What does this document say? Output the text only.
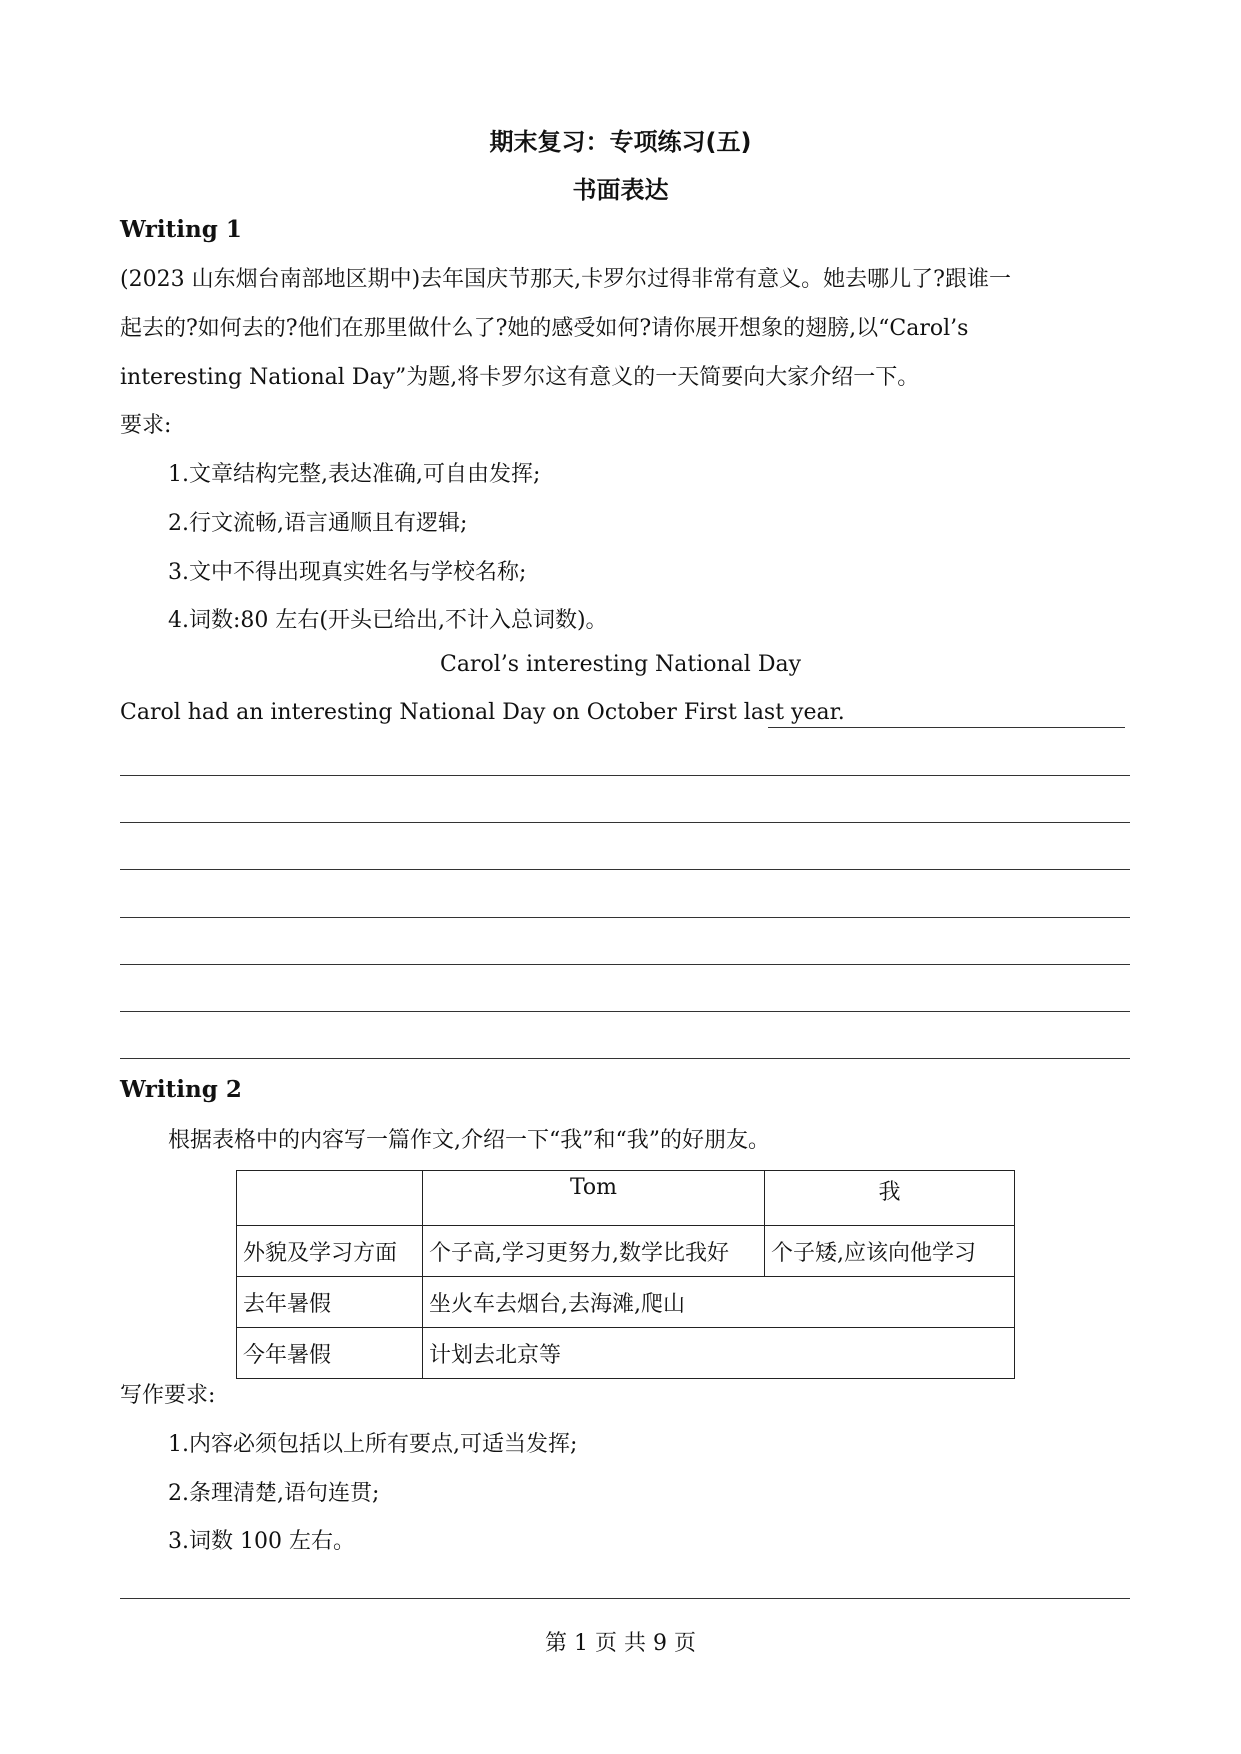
期末复习：专项练习(五)
书面表达
Writing 1
(2023 山东烟台南部地区期中)去年国庆节那天,卡罗尔过得非常有意义。她去哪儿了?跟谁一
起去的?如何去的?他们在那里做什么了?她的感受如何?请你展开想象的翅膀,以“Carol’s
interesting National Day”为题,将卡罗尔这有意义的一天简要向大家介绍一下。
要求:
1.文章结构完整,表达准确,可自由发挥;
2.行文流畅,语言通顺且有逻辑;
3.文中不得出现真实姓名与学校名称;
4.词数:80 左右(开头已给出,不计入总词数)。
Carol’s interesting National Day
Carol had an interesting National Day on October First last year.
Writing 2
根据表格中的内容写一篇作文,介绍一下“我”和“我”的好朋友。
	Tom	我
外貌及学习方面	个子高,学习更努力,数学比我好	个子矮,应该向他学习
去年暑假	坐火车去烟台,去海滩,爬山	
今年暑假	计划去北京等	
写作要求:
1.内容必须包括以上所有要点,可适当发挥;
2.条理清楚,语句连贯;
3.词数 100 左右。
第 1 页 共 9 页
